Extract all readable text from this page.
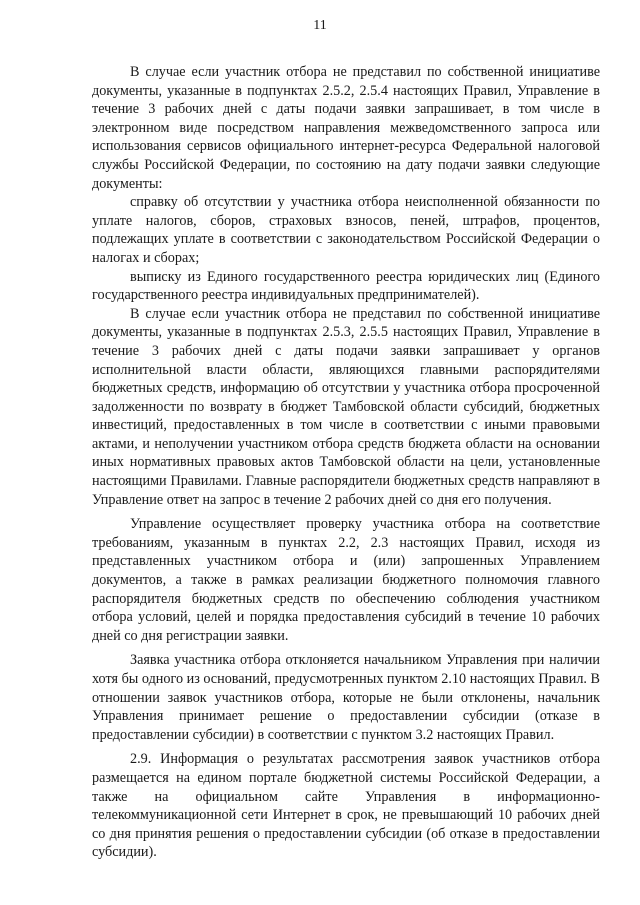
11

В случае если участник отбора не представил по собственной инициативе документы, указанные в подпунктах 2.5.2, 2.5.4 настоящих Правил, Управление в течение 3 рабочих дней с даты подачи заявки запрашивает, в том числе в электронном виде посредством направления межведомственного запроса или использования сервисов официального интернет-ресурса Федеральной налоговой службы Российской Федерации, по состоянию на дату подачи заявки следующие документы:

справку об отсутствии у участника отбора неисполненной обязанности по уплате налогов, сборов, страховых взносов, пеней, штрафов, процентов, подлежащих уплате в соответствии с законодательством Российской Федерации о налогах и сборах;

выписку из Единого государственного реестра юридических лиц (Единого государственного реестра индивидуальных предпринимателей).

В случае если участник отбора не представил по собственной инициативе документы, указанные в подпунктах 2.5.3, 2.5.5 настоящих Правил, Управление в течение 3 рабочих дней с даты подачи заявки запрашивает у органов исполнительной власти области, являющихся главными распорядителями бюджетных средств, информацию об отсутствии у участника отбора просроченной задолженности по возврату в бюджет Тамбовской области субсидий, бюджетных инвестиций, предоставленных в том числе в соответствии с иными правовыми актами, и неполучении участником отбора средств бюджета области на основании иных нормативных правовых актов Тамбовской области на цели, установленные настоящими Правилами. Главные распорядители бюджетных средств направляют в Управление ответ на запрос в течение 2 рабочих дней со дня его получения.

Управление осуществляет проверку участника отбора на соответствие требованиям, указанным в пунктах 2.2, 2.3 настоящих Правил, исходя из представленных участником отбора и (или) запрошенных Управлением документов, а также в рамках реализации бюджетного полномочия главного распорядителя бюджетных средств по обеспечению соблюдения участником отбора условий, целей и порядка предоставления субсидий в течение 10 рабочих дней со дня регистрации заявки.

Заявка участника отбора отклоняется начальником Управления при наличии хотя бы одного из оснований, предусмотренных пунктом 2.10 настоящих Правил. В отношении заявок участников отбора, которые не были отклонены, начальник Управления принимает решение о предоставлении субсидии (отказе в предоставлении субсидии) в соответствии с пунктом 3.2 настоящих Правил.

2.9. Информация о результатах рассмотрения заявок участников отбора размещается на едином портале бюджетной системы Российской Федерации, а также на официальном сайте Управления в информационно-телекоммуникационной сети Интернет в срок, не превышающий 10 рабочих дней со дня принятия решения о предоставлении субсидии (об отказе в предоставлении субсидии).
